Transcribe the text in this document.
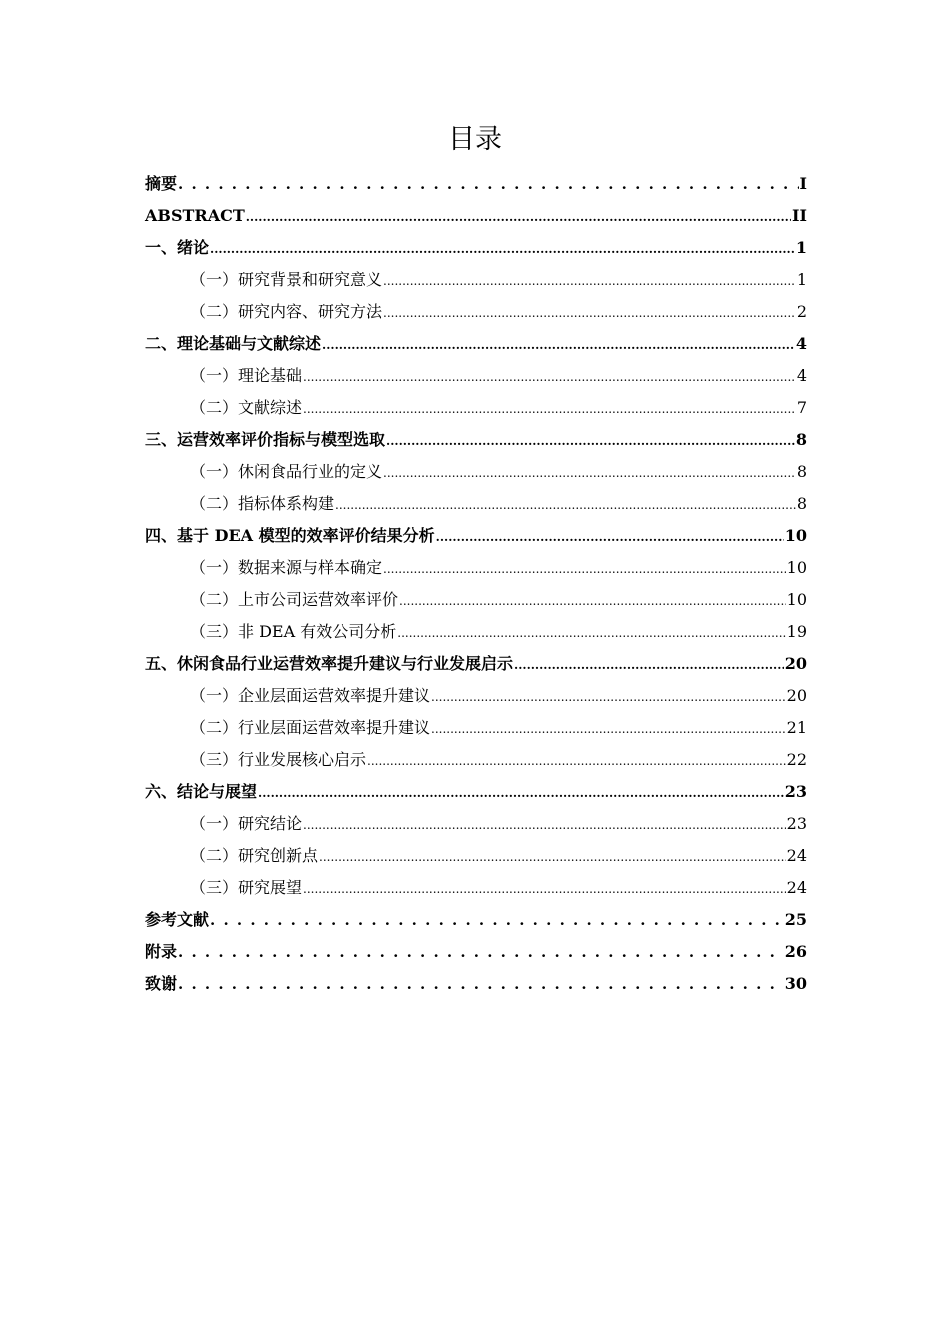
目录
摘要 . . .	Ⅰ
ABSTRACT .....	II
一、 绪论 .....	1
（一） 研究背景和研究意义 .....	1
（二） 研究内容、研究方法 .....	2
二、 理论基础与文献综述 .....	4
（一） 理论基础 .....	4
（二） 文献综述 .....	7
三、 运营效率评价指标与模型选取 .....	8
（一） 休闲食品行业的定义 .....	8
（二） 指标体系构建 .....	8
四、 基于 DEA 模型的效率评价结果分析 .....	10
（一） 数据来源与样本确定 .....	10
（二） 上市公司运营效率评价 .....	10
（三） 非 DEA 有效公司分析 .....	19
五、 休闲食品行业运营效率提升建议与行业发展启示 .....	20
（一） 企业层面运营效率提升建议 .....	20
（二） 行业层面运营效率提升建议 .....	21
（三） 行业发展核心启示 .....	22
六、 结论与展望 .....	23
（一） 研究结论 .....	23
（二） 研究创新点 .....	24
（三） 研究展望 .....	24
参考文献 . . .	25
附录 . . .	26
致谢 . . .	30
